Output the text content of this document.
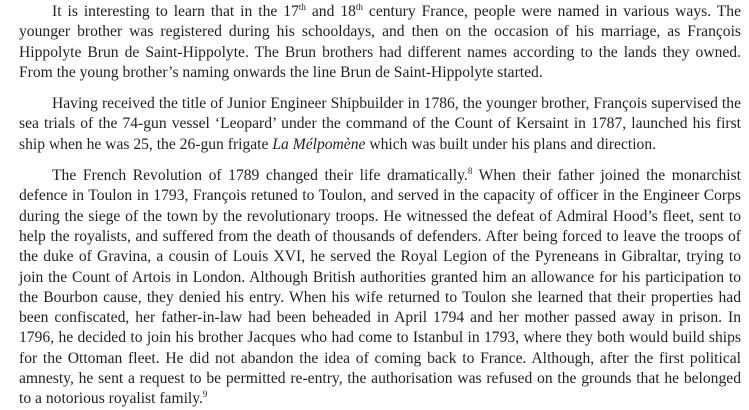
It is interesting to learn that in the 17th and 18th century France, people were named in various ways. The younger brother was registered during his schooldays, and then on the occasion of his marriage, as François Hippolyte Brun de Saint-Hippolyte. The Brun brothers had different names according to the lands they owned. From the young brother’s naming onwards the line Brun de Saint-Hippolyte started.

Having received the title of Junior Engineer Shipbuilder in 1786, the younger brother, François supervised the sea trials of the 74-gun vessel ‘Leopard’ under the command of the Count of Kersaint in 1787, launched his first ship when he was 25, the 26-gun frigate La Mélpomène which was built under his plans and direction.

The French Revolution of 1789 changed their life dramatically.$^8$ When their father joined the monarchist defence in Toulon in 1793, François retuned to Toulon, and served in the capacity of officer in the Engineer Corps during the siege of the town by the revolutionary troops. He witnessed the defeat of Admiral Hood’s fleet, sent to help the royalists, and suffered from the death of thousands of defenders. After being forced to leave the troops of the duke of Gravina, a cousin of Louis XVI, he served the Royal Legion of the Pyreneans in Gibraltar, trying to join the Count of Artois in London. Although British authorities granted him an allowance for his participation to the Bourbon cause, they denied his entry. When his wife returned to Toulon she learned that their properties had been confiscated, her father-in-law had been beheaded in April 1794 and her mother passed away in prison. In 1796, he decided to join his brother Jacques who had come to Istanbul in 1793, where they both would build ships for the Ottoman fleet. He did not abandon the idea of coming back to France. Although, after the first political amnesty, he sent a request to be permitted re-entry, the authorisation was refused on the grounds that he belonged to a notorious royalist family.$^9$
